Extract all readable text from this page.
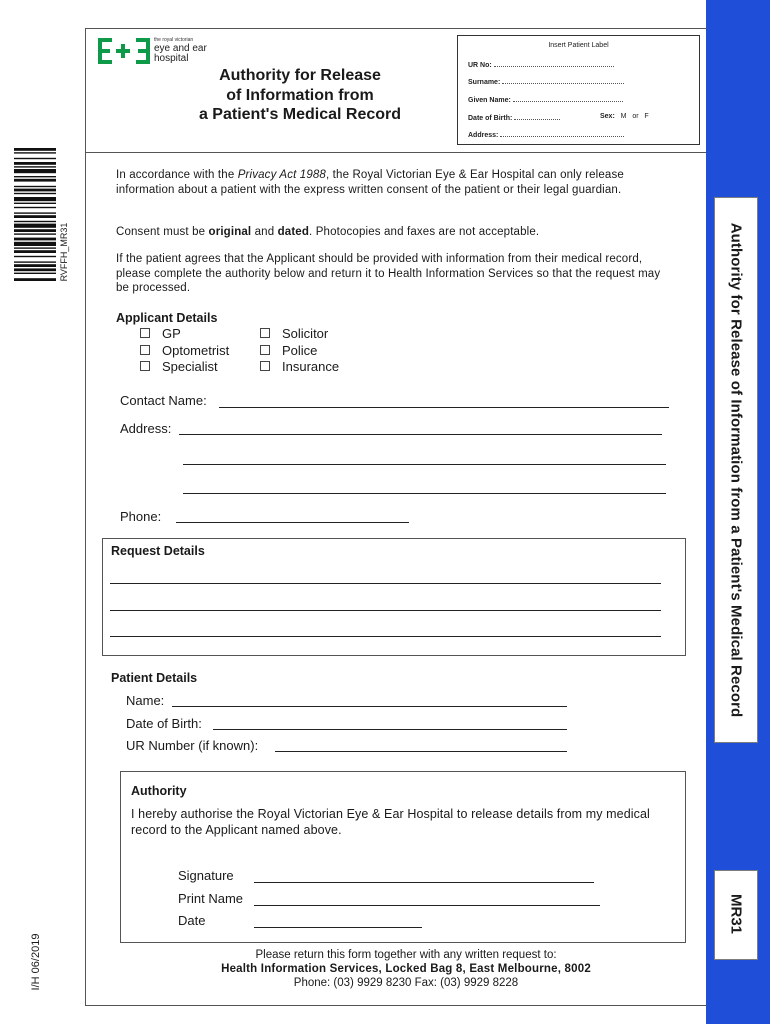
Authority for Release of Information from a Patient's Medical Record
MR31
the royal victorian
eye and ear
hospital
Authority for Release
of Information from
a Patient's Medical Record
Insert Patient Label
UR No:
Surname:
Given Name:
Date of Birth:	Sex: M or F
Address:
RVFFH_MR31
I/H 06/2019
In accordance with the Privacy Act 1988, the Royal Victorian Eye & Ear Hospital can only release information about a patient with the express written consent of the patient or their legal guardian.
Consent must be original and dated. Photocopies and faxes are not acceptable.
If the patient agrees that the Applicant should be provided with information from their medical record, please complete the authority below and return it to Health Information Services so that the request may be processed.
Applicant Details
GP
Optometrist
Specialist
Solicitor
Police
Insurance
Contact Name:
Address:
Phone:
Request Details
Patient Details
Name:
Date of Birth:
UR Number (if known):
Authority
I hereby authorise the Royal Victorian Eye & Ear Hospital to release details from my medical record to the Applicant named above.
Signature
Print Name
Date
Please return this form together with any written request to:
Health Information Services, Locked Bag 8, East Melbourne, 8002
Phone: (03) 9929 8230 Fax: (03) 9929 8228
